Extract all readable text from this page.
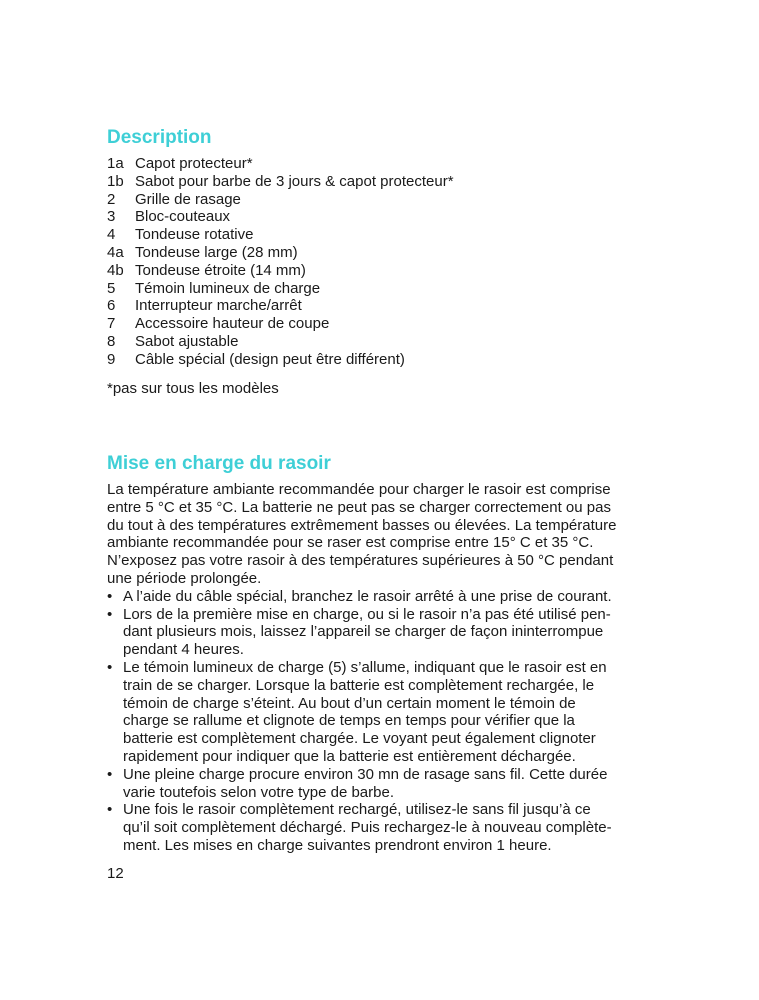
Description
1a Capot protecteur*
1b Sabot pour barbe de 3 jours & capot protecteur*
2	Grille de rasage
3	Bloc-couteaux
4	Tondeuse rotative
4a Tondeuse large (28 mm)
4b Tondeuse étroite (14 mm)
5	Témoin lumineux de charge
6	Interrupteur marche/arrêt
7	Accessoire hauteur de coupe
8	Sabot ajustable
9	Câble spécial (design peut être différent)
*pas sur tous les modèles
Mise en charge du rasoir

La température ambiante recommandée pour charger le rasoir est comprise
entre 5 °C et 35 °C. La batterie ne peut pas se charger correctement ou pas
du tout à des températures extrêmement basses ou élevées. La température
ambiante recommandée pour se raser est comprise entre 15° C et 35 °C.
N’exposez pas votre rasoir à des températures supérieures à 50 °C pendant
une période prolongée.

• A l’aide du câble spécial, branchez le rasoir arrêté à une prise de courant.
• Lors de la première mise en charge, ou si le rasoir n’a pas été utilisé pen-
dant plusieurs mois, laissez l’appareil se charger de façon ininterrompue
pendant 4 heures.
• Le témoin lumineux de charge (5) s’allume, indiquant que le rasoir est en
train de se charger. Lorsque la batterie est complètement rechargée, le
témoin de charge s’éteint. Au bout d’un certain moment le témoin de
charge se rallume et clignote de temps en temps pour vérifier que la
batterie est complètement chargée. Le voyant peut également clignoter
rapidement pour indiquer que la batterie est entièrement déchargée.
• Une pleine charge procure environ 30 mn de rasage sans fil. Cette durée
varie toutefois selon votre type de barbe.
• Une fois le rasoir complètement rechargé, utilisez-le sans fil jusqu’à ce
qu’il soit complètement déchargé. Puis rechargez-le à nouveau complète-
ment. Les mises en charge suivantes prendront environ 1 heure.
12
